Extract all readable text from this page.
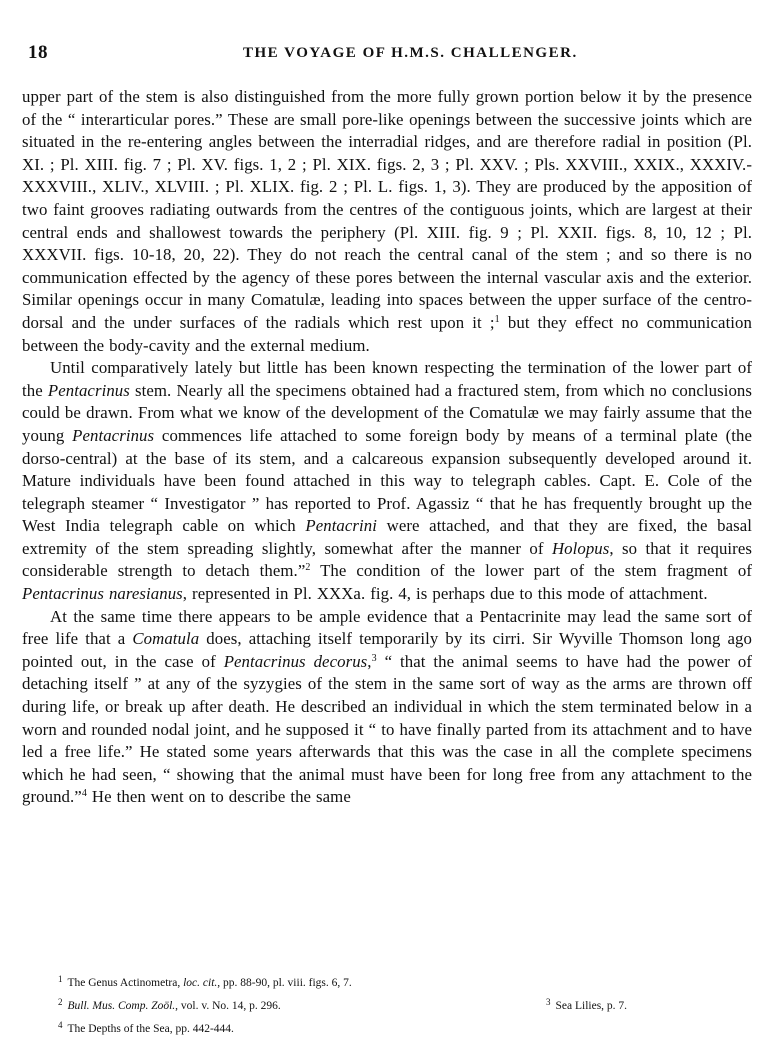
18	THE VOYAGE OF H.M.S. CHALLENGER.

upper part of the stem is also distinguished from the more fully grown portion below it by the presence of the “ interarticular pores.” These are small pore-like openings between the successive joints which are situated in the re-entering angles between the interradial ridges, and are therefore radial in position (Pl. XI. ; Pl. XIII. fig. 7 ; Pl. XV. figs. 1, 2 ; Pl. XIX. figs. 2, 3 ; Pl. XXV. ; Pls. XXVIII., XXIX., XXXIV.-XXXVIII., XLIV., XLVIII. ; Pl. XLIX. fig. 2 ; Pl. L. figs. 1, 3). They are produced by the apposition of two faint grooves radiating outwards from the centres of the contiguous joints, which are largest at their central ends and shallowest towards the periphery (Pl. XIII. fig. 9 ; Pl. XXII. figs. 8, 10, 12 ; Pl. XXXVII. figs. 10-18, 20, 22). They do not reach the central canal of the stem ; and so there is no communication effected by the agency of these pores between the internal vascular axis and the exterior. Similar openings occur in many Comatulæ, leading into spaces between the upper surface of the centro-dorsal and the under surfaces of the radials which rest upon it ;$^1$ but they effect no communication between the body-cavity and the external medium.

Until comparatively lately but little has been known respecting the termination of the lower part of the Pentacrinus stem. Nearly all the specimens obtained had a fractured stem, from which no conclusions could be drawn. From what we know of the development of the Comatulæ we may fairly assume that the young Pentacrinus commences life attached to some foreign body by means of a terminal plate (the dorso-central) at the base of its stem, and a calcareous expansion subsequently developed around it. Mature individuals have been found attached in this way to telegraph cables. Capt. E. Cole of the telegraph steamer “ Investigator ” has reported to Prof. Agassiz “ that he has frequently brought up the West India telegraph cable on which Pentacrini were attached, and that they are fixed, the basal extremity of the stem spreading slightly, somewhat after the manner of Holopus, so that it requires considerable strength to detach them.”$^2$ The condition of the lower part of the stem fragment of Pentacrinus naresianus, represented in Pl. XXXa. fig. 4, is perhaps due to this mode of attachment.

At the same time there appears to be ample evidence that a Pentacrinite may lead the same sort of free life that a Comatula does, attaching itself temporarily by its cirri. Sir Wyville Thomson long ago pointed out, in the case of Pentacrinus decorus,$^3$ “ that the animal seems to have had the power of detaching itself ” at any of the syzygies of the stem in the same sort of way as the arms are thrown off during life, or break up after death. He described an individual in which the stem terminated below in a worn and rounded nodal joint, and he supposed it “ to have finally parted from its attachment and to have led a free life.” He stated some years afterwards that this was the case in all the complete specimens which he had seen, “ showing that the animal must have been for long free from any attachment to the ground.”$^4$ He then went on to describe the same

$^1$ The Genus Actinometra, loc. cit., pp. 88-90, pl. viii. figs. 6, 7.
$^2$ Bull. Mus. Comp. Zoöl., vol. v. No. 14, p. 296.	$^3$ Sea Lilies, p. 7.
$^4$ The Depths of the Sea, pp. 442-444.
